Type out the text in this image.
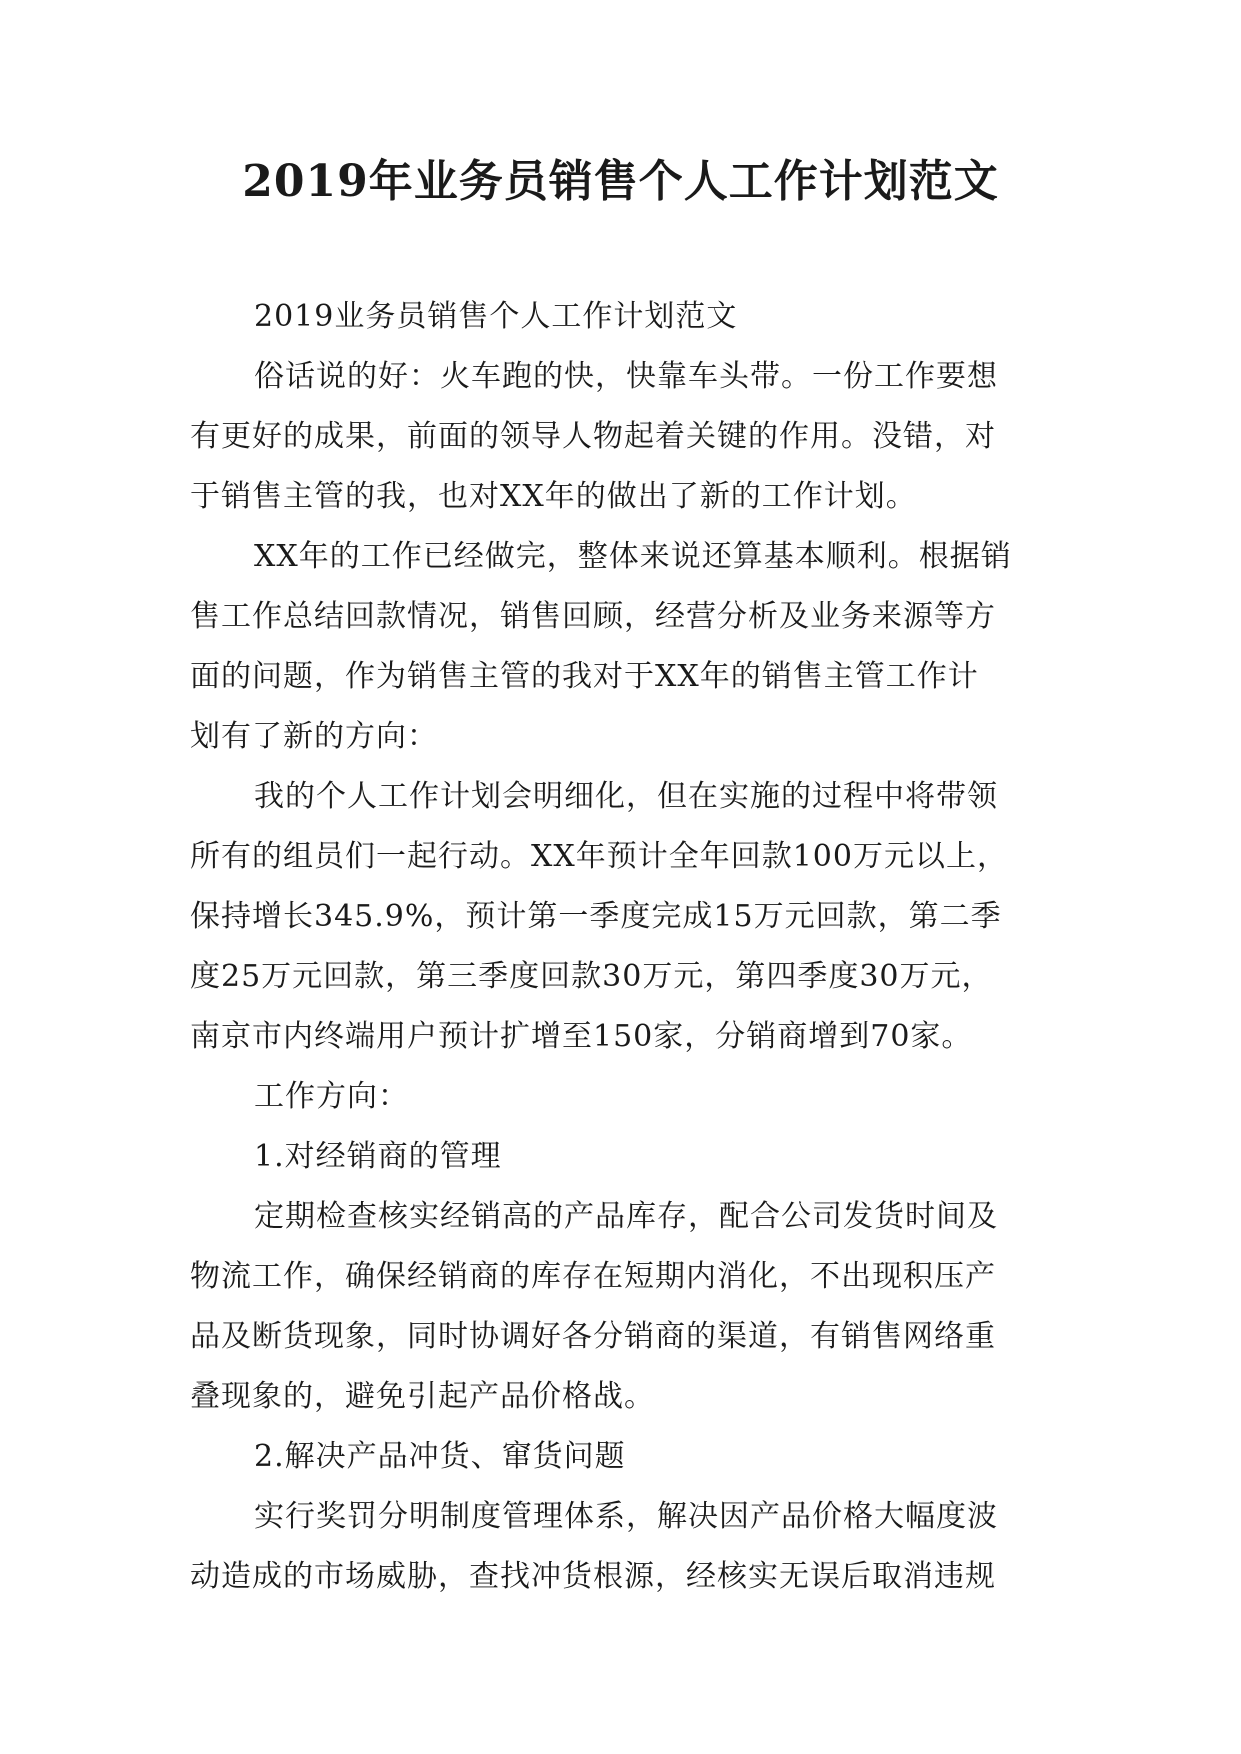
2019年业务员销售个人工作计划范文
2019业务员销售个人工作计划范文
俗话说的好：火车跑的快，快靠车头带。一份工作要想
有更好的成果，前面的领导人物起着关键的作用。没错，对
于销售主管的我，也对XX年的做出了新的工作计划。
XX年的工作已经做完，整体来说还算基本顺利。根据销
售工作总结回款情况，销售回顾，经营分析及业务来源等方
面的问题，作为销售主管的我对于XX年的销售主管工作计
划有了新的方向：
我的个人工作计划会明细化，但在实施的过程中将带领
所有的组员们一起行动。XX年预计全年回款100万元以上，
保持增长345.9%，预计第一季度完成15万元回款，第二季
度25万元回款，第三季度回款30万元，第四季度30万元，
南京市内终端用户预计扩增至150家，分销商增到70家。
工作方向：
1.对经销商的管理
定期检查核实经销高的产品库存，配合公司发货时间及
物流工作，确保经销商的库存在短期内消化，不出现积压产
品及断货现象，同时协调好各分销商的渠道，有销售网络重
叠现象的，避免引起产品价格战。
2.解决产品冲货、窜货问题
实行奖罚分明制度管理体系，解决因产品价格大幅度波
动造成的市场威胁，查找冲货根源，经核实无误后取消违规
